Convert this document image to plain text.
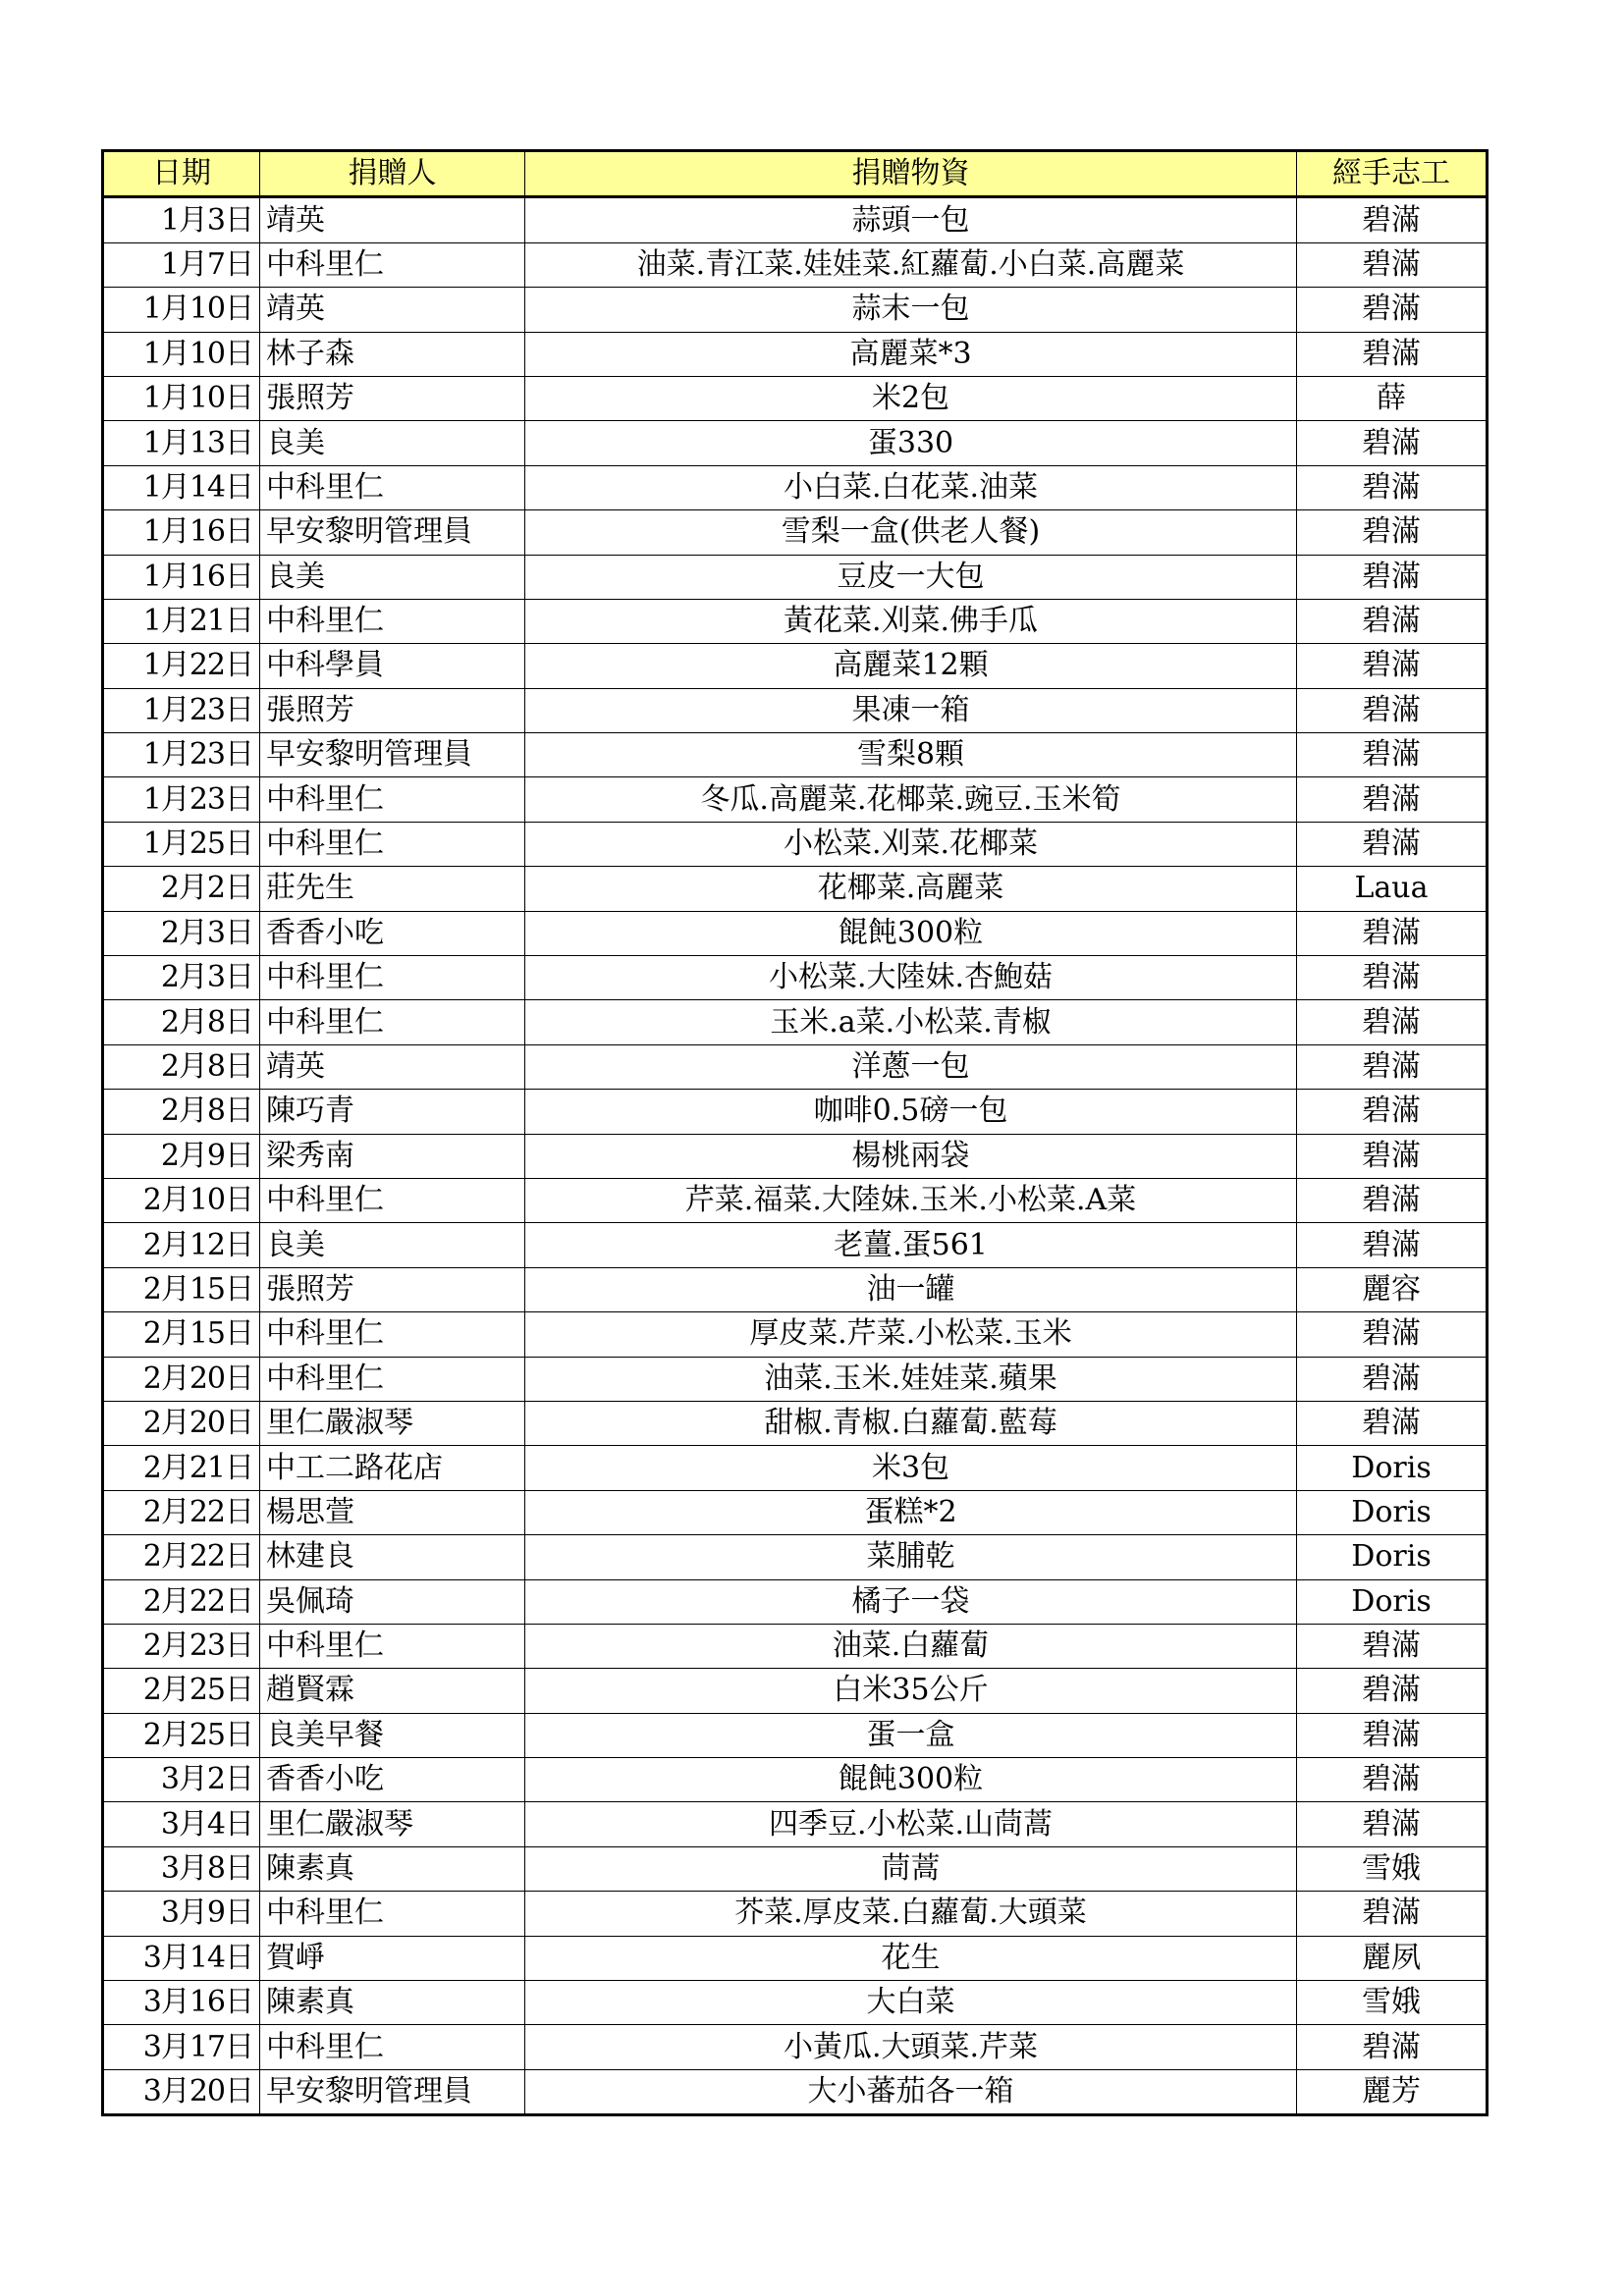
日期	捐贈人	捐贈物資	經手志工
1月3日	靖英	蒜頭一包	碧滿
1月7日	中科里仁	油菜.青江菜.娃娃菜.紅蘿蔔.小白菜.高麗菜	碧滿
1月10日	靖英	蒜末一包	碧滿
1月10日	林子森	高麗菜*3	碧滿
1月10日	張照芳	米2包	薛
1月13日	良美	蛋330	碧滿
1月14日	中科里仁	小白菜.白花菜.油菜	碧滿
1月16日	早安黎明管理員	雪梨一盒(供老人餐)	碧滿
1月16日	良美	豆皮一大包	碧滿
1月21日	中科里仁	黃花菜.刈菜.佛手瓜	碧滿
1月22日	中科學員	高麗菜12顆	碧滿
1月23日	張照芳	果凍一箱	碧滿
1月23日	早安黎明管理員	雪梨8顆	碧滿
1月23日	中科里仁	冬瓜.高麗菜.花椰菜.豌豆.玉米筍	碧滿
1月25日	中科里仁	小松菜.刈菜.花椰菜	碧滿
2月2日	莊先生	花椰菜.高麗菜	Laua
2月3日	香香小吃	餛飩300粒	碧滿
2月3日	中科里仁	小松菜.大陸妹.杏鮑菇	碧滿
2月8日	中科里仁	玉米.a菜.小松菜.青椒	碧滿
2月8日	靖英	洋蔥一包	碧滿
2月8日	陳巧青	咖啡0.5磅一包	碧滿
2月9日	梁秀南	楊桃兩袋	碧滿
2月10日	中科里仁	芹菜.福菜.大陸妹.玉米.小松菜.A菜	碧滿
2月12日	良美	老薑.蛋561	碧滿
2月15日	張照芳	油一罐	麗容
2月15日	中科里仁	厚皮菜.芹菜.小松菜.玉米	碧滿
2月20日	中科里仁	油菜.玉米.娃娃菜.蘋果	碧滿
2月20日	里仁嚴淑琴	甜椒.青椒.白蘿蔔.藍莓	碧滿
2月21日	中工二路花店	米3包	Doris
2月22日	楊思萱	蛋糕*2	Doris
2月22日	林建良	菜脯乾	Doris
2月22日	吳佩琦	橘子一袋	Doris
2月23日	中科里仁	油菜.白蘿蔔	碧滿
2月25日	趙賢霖	白米35公斤	碧滿
2月25日	良美早餐	蛋一盒	碧滿
3月2日	香香小吃	餛飩300粒	碧滿
3月4日	里仁嚴淑琴	四季豆.小松菜.山茼蒿	碧滿
3月8日	陳素真	茼蒿	雪娥
3月9日	中科里仁	芥菜.厚皮菜.白蘿蔔.大頭菜	碧滿
3月14日	賀崢	花生	麗夙
3月16日	陳素真	大白菜	雪娥
3月17日	中科里仁	小黃瓜.大頭菜.芹菜	碧滿
3月20日	早安黎明管理員	大小蕃茄各一箱	麗芳
